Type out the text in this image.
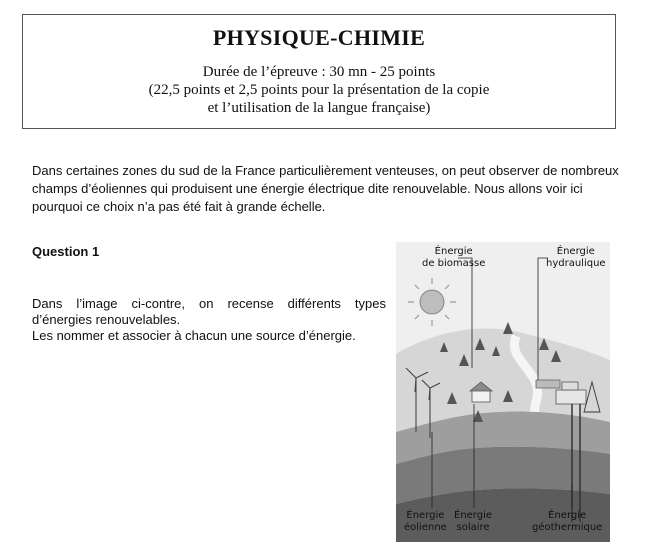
PHYSIQUE-CHIMIE
Durée de l’épreuve : 30 mn - 25 points
(22,5 points et 2,5 points pour la présentation de la copie
et l’utilisation de la langue française)
Dans certaines zones du sud de la France particulièrement venteuses, on peut observer de nombreux champs d’éoliennes qui produisent une énergie électrique dite renouvelable. Nous allons voir ici pourquoi ce choix n’a pas été fait à grande échelle.
Question 1

Dans l’image ci-contre, on recense différents types d’énergies renouvelables.

Les nommer et associer à chacun une source d’énergie.

Énergie
de biomasse
Énergie
hydraulique
Énergie
éolienne
Énergie
solaire
Énergie
géothermique
